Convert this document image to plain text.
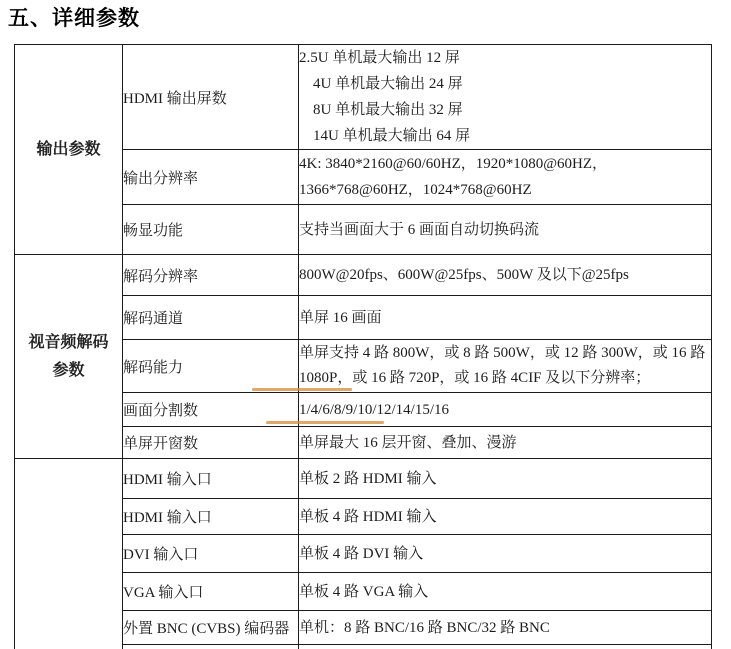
五、详细参数
输出参数	HDMI 输出屏数	2.5U 单机最大输出 12 屏
4U 单机最大输出 24 屏
8U 单机最大输出 32 屏
14U 单机最大输出 64 屏

	输出分辨率	4K: 3840*2160@60/60HZ，1920*1080@60HZ，1366*768@60HZ，1024*768@60HZ
	畅显功能	支持当画面大于 6 画面自动切换码流

视音频解码
参数	解码分辨率	800W@20fps、600W@25fps、500W 及以下@25fps
	解码通道	单屏 16 画面
	解码能力	单屏支持 4 路 800W，或 8 路 500W，或 12 路 300W，或 16 路 1080P，或 16 路 720P，或 16 路 4CIF 及以下分辨率；
	画面分割数	1/4/6/8/9/10/12/14/15/16
	单屏开窗数	单屏最大 16 层开窗、叠加、漫游

	HDMI 输入口	单板 2 路 HDMI 输入
	HDMI 输入口	单板 4 路 HDMI 输入
	DVI 输入口	单板 4 路 DVI 输入
	VGA 输入口	单板 4 路 VGA 输入
	外置 BNC (CVBS) 编码器	单机：8 路 BNC/16 路 BNC/32 路 BNC
